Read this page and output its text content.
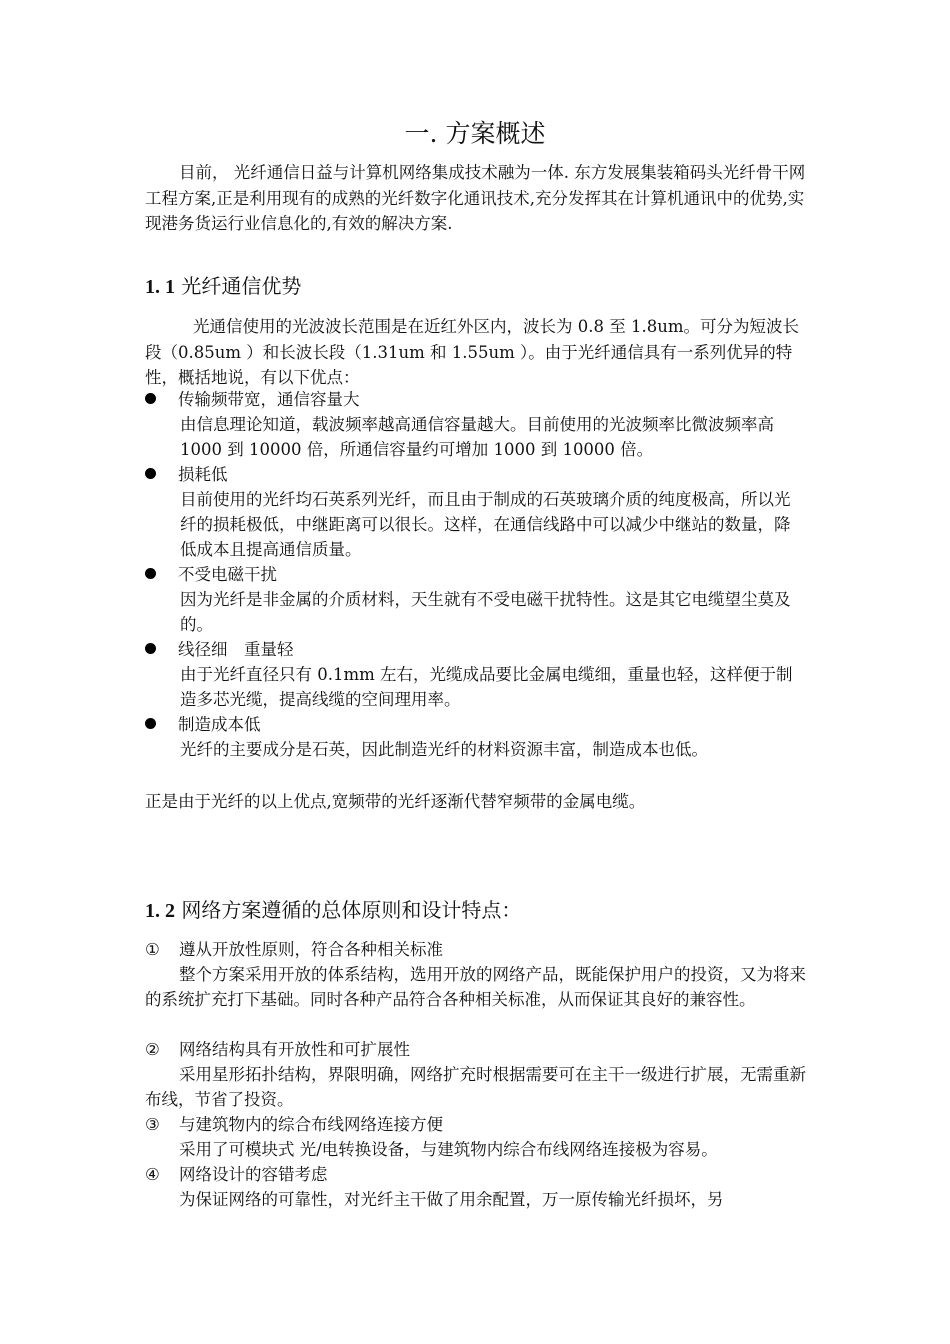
一. 方案概述

目前， 光纤通信日益与计算机网络集成技术融为一体. 东方发展集装箱码头光纤骨干网工程方案,正是利用现有的成熟的光纤数字化通讯技术,充分发挥其在计算机通讯中的优势,实现港务货运行业信息化的,有效的解决方案.

1. 1 光纤通信优势

光通信使用的光波波长范围是在近红外区内，波长为 0.8 至 1.8um。可分为短波长段（0.85um ）和长波长段（1.31um 和 1.55um ）。由于光纤通信具有一系列优异的特性，概括地说，有以下优点：

传输频带宽，通信容量大

由信息理论知道，载波频率越高通信容量越大。目前使用的光波频率比微波频率高 1000 到 10000 倍，所通信容量约可增加 1000 到 10000 倍。

损耗低

目前使用的光纤均石英系列光纤，而且由于制成的石英玻璃介质的纯度极高，所以光纤的损耗极低，中继距离可以很长。这样，在通信线路中可以减少中继站的数量，降低成本且提高通信质量。

不受电磁干扰

因为光纤是非金属的介质材料，天生就有不受电磁干扰特性。这是其它电缆望尘莫及的。

线径细　重量轻

由于光纤直径只有 0.1mm 左右，光缆成品要比金属电缆细，重量也轻，这样便于制造多芯光缆，提高线缆的空间理用率。

制造成本低

光纤的主要成分是石英，因此制造光纤的材料资源丰富，制造成本也低。

正是由于光纤的以上优点,宽频带的光纤逐渐代替窄频带的金属电缆。

1. 2 网络方案遵循的总体原则和设计特点：
① 遵从开放性原则，符合各种相关标准

整个方案采用开放的体系结构，选用开放的网络产品，既能保护用户的投资，又为将来的系统扩充打下基础。同时各种产品符合各种相关标准，从而保证其良好的兼容性。

② 网络结构具有开放性和可扩展性

采用星形拓扑结构，界限明确，网络扩充时根据需要可在主干一级进行扩展，无需重新布线，节省了投资。

③ 与建筑物内的综合布线网络连接方便

采用了可模块式 光/电转换设备，与建筑物内综合布线网络连接极为容易。

④ 网络设计的容错考虑

为保证网络的可靠性，对光纤主干做了用余配置，万一原传输光纤损坏，另
